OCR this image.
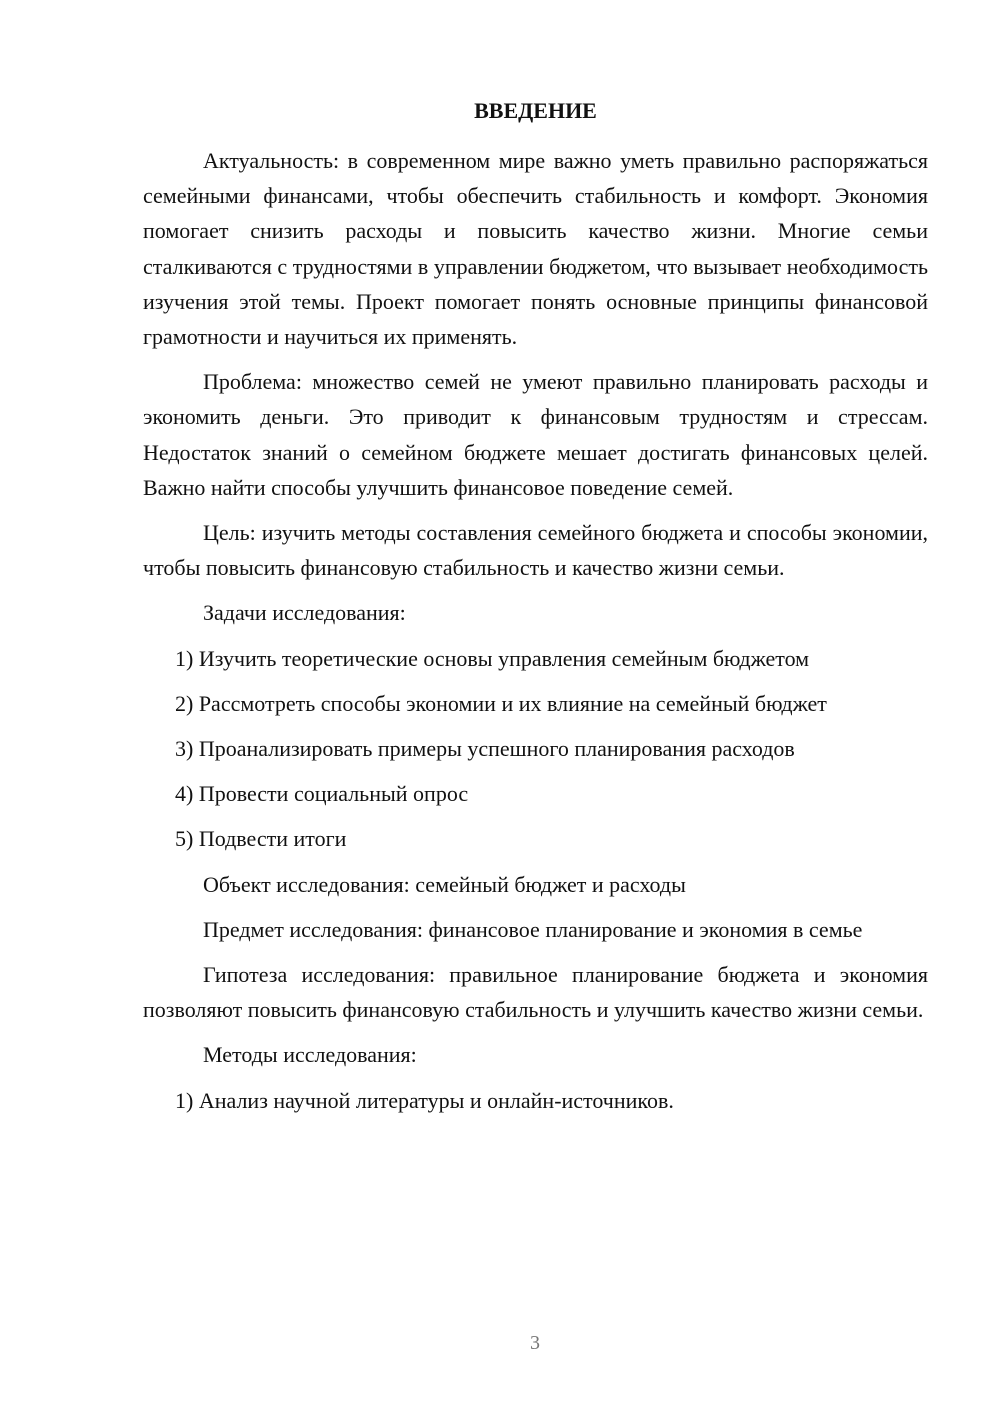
ВВЕДЕНИЕ

Актуальность: в современном мире важно уметь правильно распоряжаться семейными финансами, чтобы обеспечить стабильность и комфорт. Экономия помогает снизить расходы и повысить качество жизни. Многие семьи сталкиваются с трудностями в управлении бюджетом, что вызывает необходимость изучения этой темы. Проект помогает понять основные принципы финансовой грамотности и научиться их применять.

Проблема: множество семей не умеют правильно планировать расходы и экономить деньги. Это приводит к финансовым трудностям и стрессам. Недостаток знаний о семейном бюджете мешает достигать финансовых целей. Важно найти способы улучшить финансовое поведение семей.

Цель: изучить методы составления семейного бюджета и способы экономии, чтобы повысить финансовую стабильность и качество жизни семьи.

Задачи исследования:

1) Изучить теоретические основы управления семейным бюджетом
2) Рассмотреть способы экономии и их влияние на семейный бюджет
3) Проанализировать примеры успешного планирования расходов
4) Провести социальный опрос
5) Подвести итоги

Объект исследования: семейный бюджет и расходы

Предмет исследования: финансовое планирование и экономия в семье

Гипотеза исследования: правильное планирование бюджета и экономия позволяют повысить финансовую стабильность и улучшить качество жизни семьи.

Методы исследования:

1) Анализ научной литературы и онлайн-источников.
3
